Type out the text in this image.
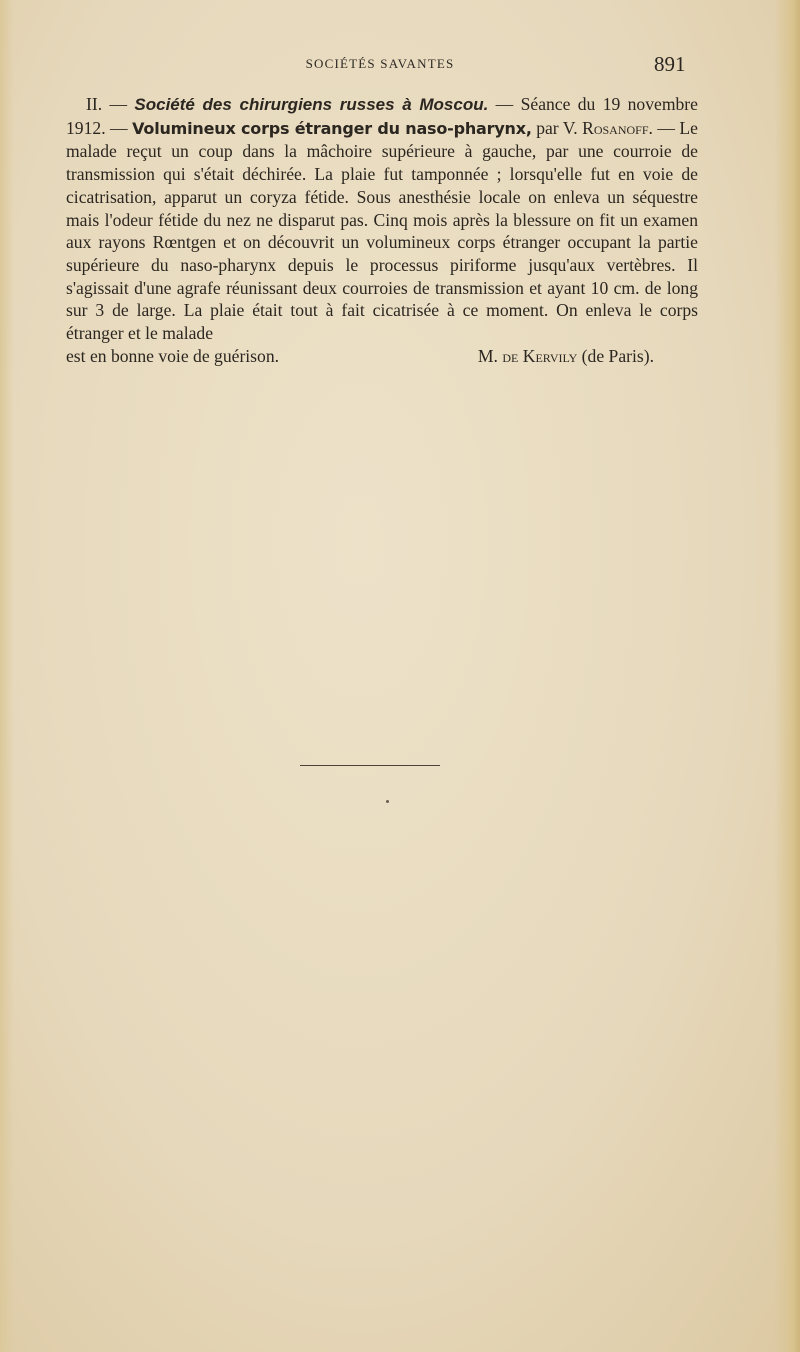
SOCIÉTÉS SAVANTES	891

II. — Société des chirurgiens russes à Moscou. — Séance du 19 novembre 1912. — Volumineux corps étranger du naso-pharynx, par V. Rosanoff. — Le malade reçut un coup dans la mâchoire supérieure à gauche, par une courroie de transmission qui s'était déchirée. La plaie fut tamponnée ; lorsqu'elle fut en voie de cicatrisation, apparut un coryza fétide. Sous anesthésie locale on enleva un séquestre mais l'odeur fétide du nez ne disparut pas. Cinq mois après la blessure on fit un examen aux rayons Rœntgen et on découvrit un volumineux corps étranger occupant la partie supérieure du naso-pharynx depuis le processus piriforme jusqu'aux vertèbres. Il s'agissait d'une agrafe réunissant deux courroies de transmission et ayant 10 cm. de long sur 3 de large. La plaie était tout à fait cicatrisée à ce moment. On enleva le corps étranger et le malade

est en bonne voie de guérison.	M. de Kervily (de Paris).
